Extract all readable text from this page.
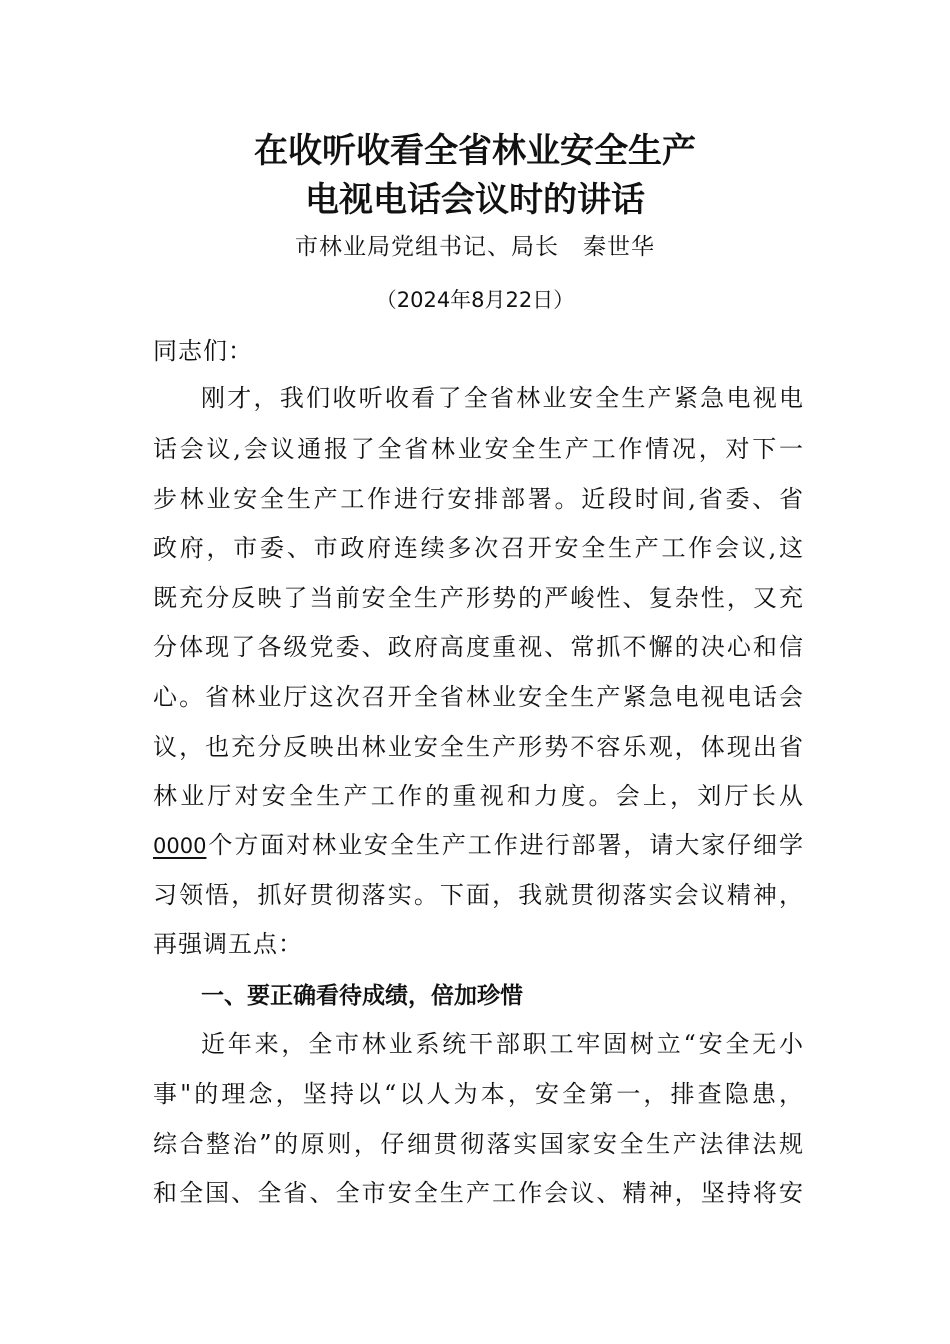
在收听收看全省林业安全生产
电视电话会议时的讲话
市林业局党组书记、局长 秦世华
（2024年8月22日）
同志们：
刚才，我们收听收看了全省林业安全生产紧急电视电
话会议,会议通报了全省林业安全生产工作情况，对下一
步林业安全生产工作进行安排部署。近段时间,省委、省
政府，市委、市政府连续多次召开安全生产工作会议,这
既充分反映了当前安全生产形势的严峻性、复杂性，又充
分体现了各级党委、政府高度重视、常抓不懈的决心和信
心。省林业厅这次召开全省林业安全生产紧急电视电话会
议，也充分反映出林业安全生产形势不容乐观，体现出省
林业厅对安全生产工作的重视和力度。会上，刘厅长从
0000个方面对林业安全生产工作进行部署，请大家仔细学
习领悟，抓好贯彻落实。下面，我就贯彻落实会议精神，
再强调五点：
一、要正确看待成绩，倍加珍惜
近年来，全市林业系统干部职工牢固树立“安全无小
事"的理念，坚持以“以人为本，安全第一，排查隐患，
综合整治”的原则，仔细贯彻落实国家安全生产法律法规
和全国、全省、全市安全生产工作会议、精神，坚持将安
